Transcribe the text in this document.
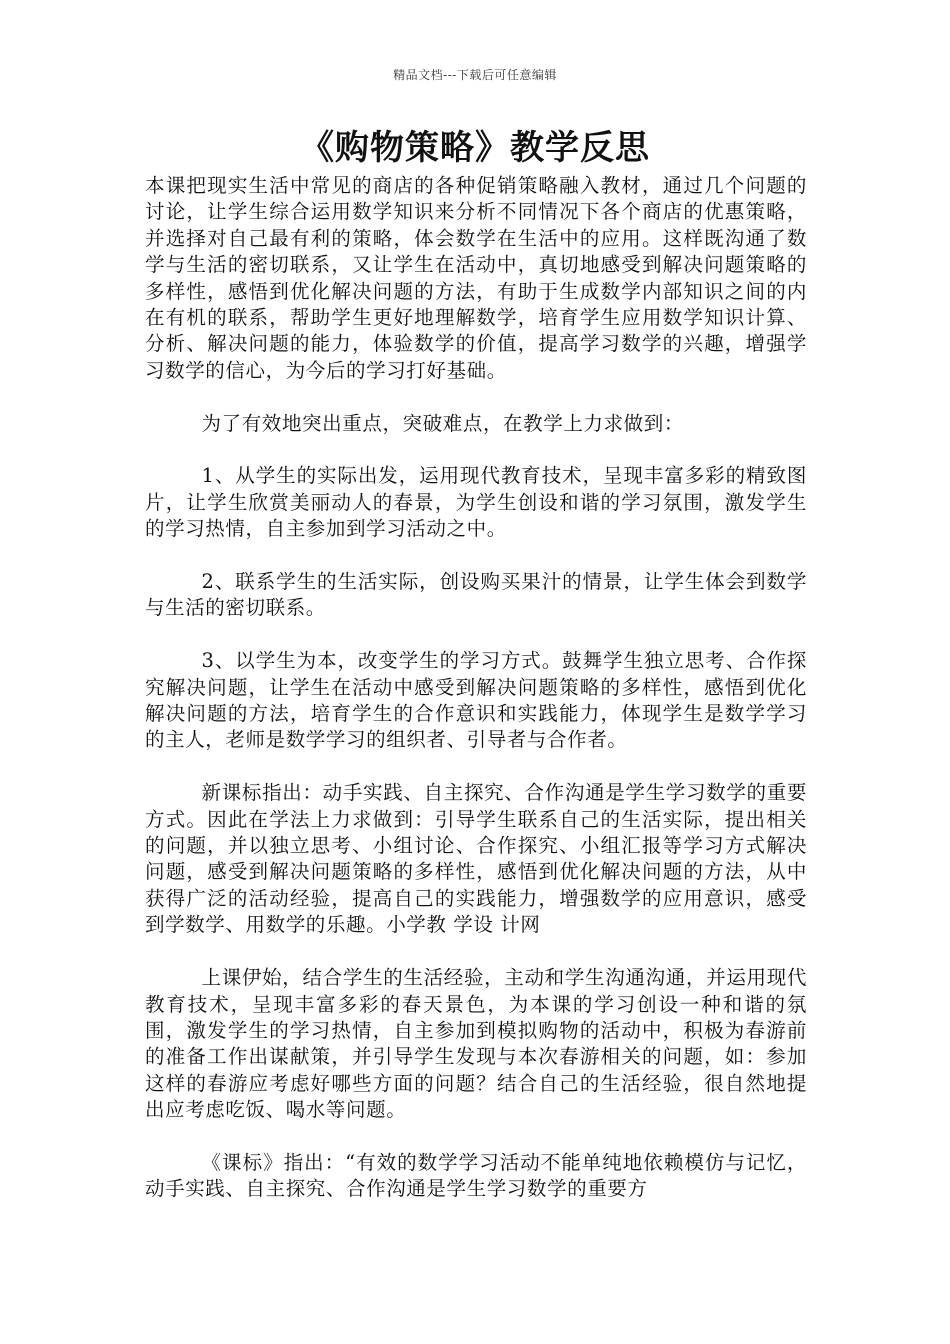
精品文档---下载后可任意编辑
《购物策略》教学反思

本课把现实生活中常见的商店的各种促销策略融入教材，通过几个问题的讨论，让学生综合运用数学知识来分析不同情况下各个商店的优惠策略，并选择对自己最有利的策略，体会数学在生活中的应用。这样既沟通了数学与生活的密切联系，又让学生在活动中，真切地感受到解决问题策略的多样性，感悟到优化解决问题的方法，有助于生成数学内部知识之间的内在有机的联系，帮助学生更好地理解数学，培育学生应用数学知识计算、分析、解决问题的能力，体验数学的价值，提高学习数学的兴趣，增强学习数学的信心，为今后的学习打好基础。

为了有效地突出重点，突破难点，在教学上力求做到：

1、从学生的实际出发，运用现代教育技术，呈现丰富多彩的精致图片，让学生欣赏美丽动人的春景，为学生创设和谐的学习氛围，激发学生的学习热情，自主参加到学习活动之中。

2、联系学生的生活实际，创设购买果汁的情景，让学生体会到数学与生活的密切联系。

3、以学生为本，改变学生的学习方式。鼓舞学生独立思考、合作探究解决问题，让学生在活动中感受到解决问题策略的多样性，感悟到优化解决问题的方法，培育学生的合作意识和实践能力，体现学生是数学学习的主人，老师是数学学习的组织者、引导者与合作者。

新课标指出：动手实践、自主探究、合作沟通是学生学习数学的重要方式。因此在学法上力求做到：引导学生联系自己的生活实际，提出相关的问题，并以独立思考、小组讨论、合作探究、小组汇报等学习方式解决问题，感受到解决问题策略的多样性，感悟到优化解决问题的方法，从中获得广泛的活动经验，提高自己的实践能力，增强数学的应用意识，感受到学数学、用数学的乐趣。小学教 学设 计网

上课伊始，结合学生的生活经验，主动和学生沟通沟通，并运用现代教育技术，呈现丰富多彩的春天景色，为本课的学习创设一种和谐的氛围，激发学生的学习热情，自主参加到模拟购物的活动中，积极为春游前的准备工作出谋献策，并引导学生发现与本次春游相关的问题，如：参加这样的春游应考虑好哪些方面的问题？结合自己的生活经验，很自然地提出应考虑吃饭、喝水等问题。

《课标》指出：“有效的数学学习活动不能单纯地依赖模仿与记忆，动手实践、自主探究、合作沟通是学生学习数学的重要方
